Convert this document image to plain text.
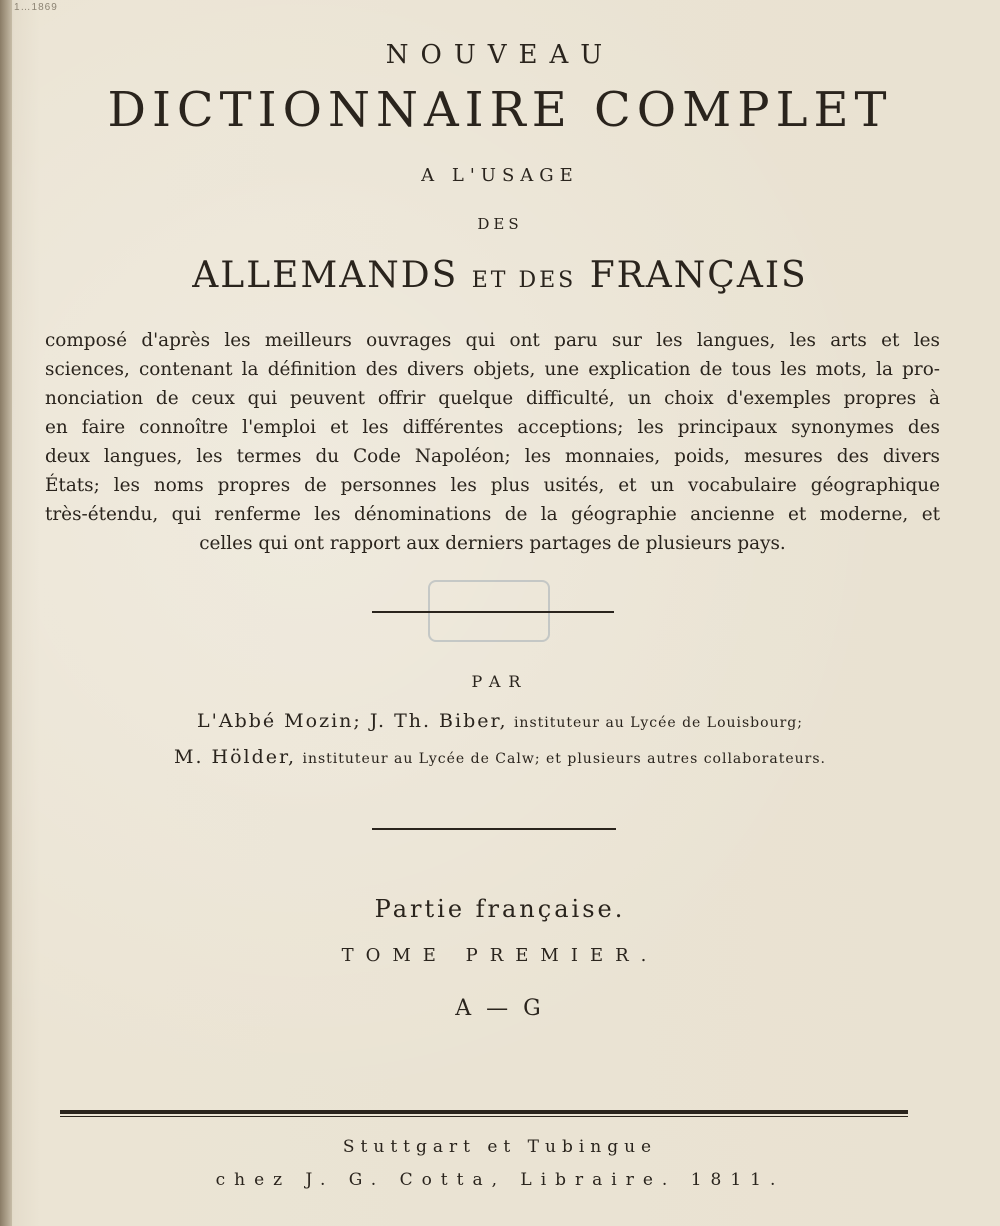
1…1869
NOUVEAU
DICTIONNAIRE COMPLET
A L'USAGE
DES
ALLEMANDS ET DES FRANÇAIS
composé d'après les meilleurs ouvrages qui ont paru sur les langues, les arts et les
sciences, contenant la définition des divers objets, une explication de tous les mots, la pro-
nonciation de ceux qui peuvent offrir quelque difficulté, un choix d'exemples propres à
en faire connoître l'emploi et les différentes acceptions; les principaux synonymes des
deux langues, les termes du Code Napoléon; les monnaies, poids, mesures des divers
États; les noms propres de personnes les plus usités, et un vocabulaire géographique
très-étendu, qui renferme les dénominations de la géographie ancienne et moderne, et
celles qui ont rapport aux derniers partages de plusieurs pays.
PAR
L'Abbé Mozin; J. Th. Biber, instituteur au Lycée de Louisbourg;
M. Hölder, instituteur au Lycée de Calw; et plusieurs autres collaborateurs.
Partie française.
TOME PREMIER.
A — G
Stuttgart et Tubingue
chez J. G. Cotta, Libraire. 1811.
